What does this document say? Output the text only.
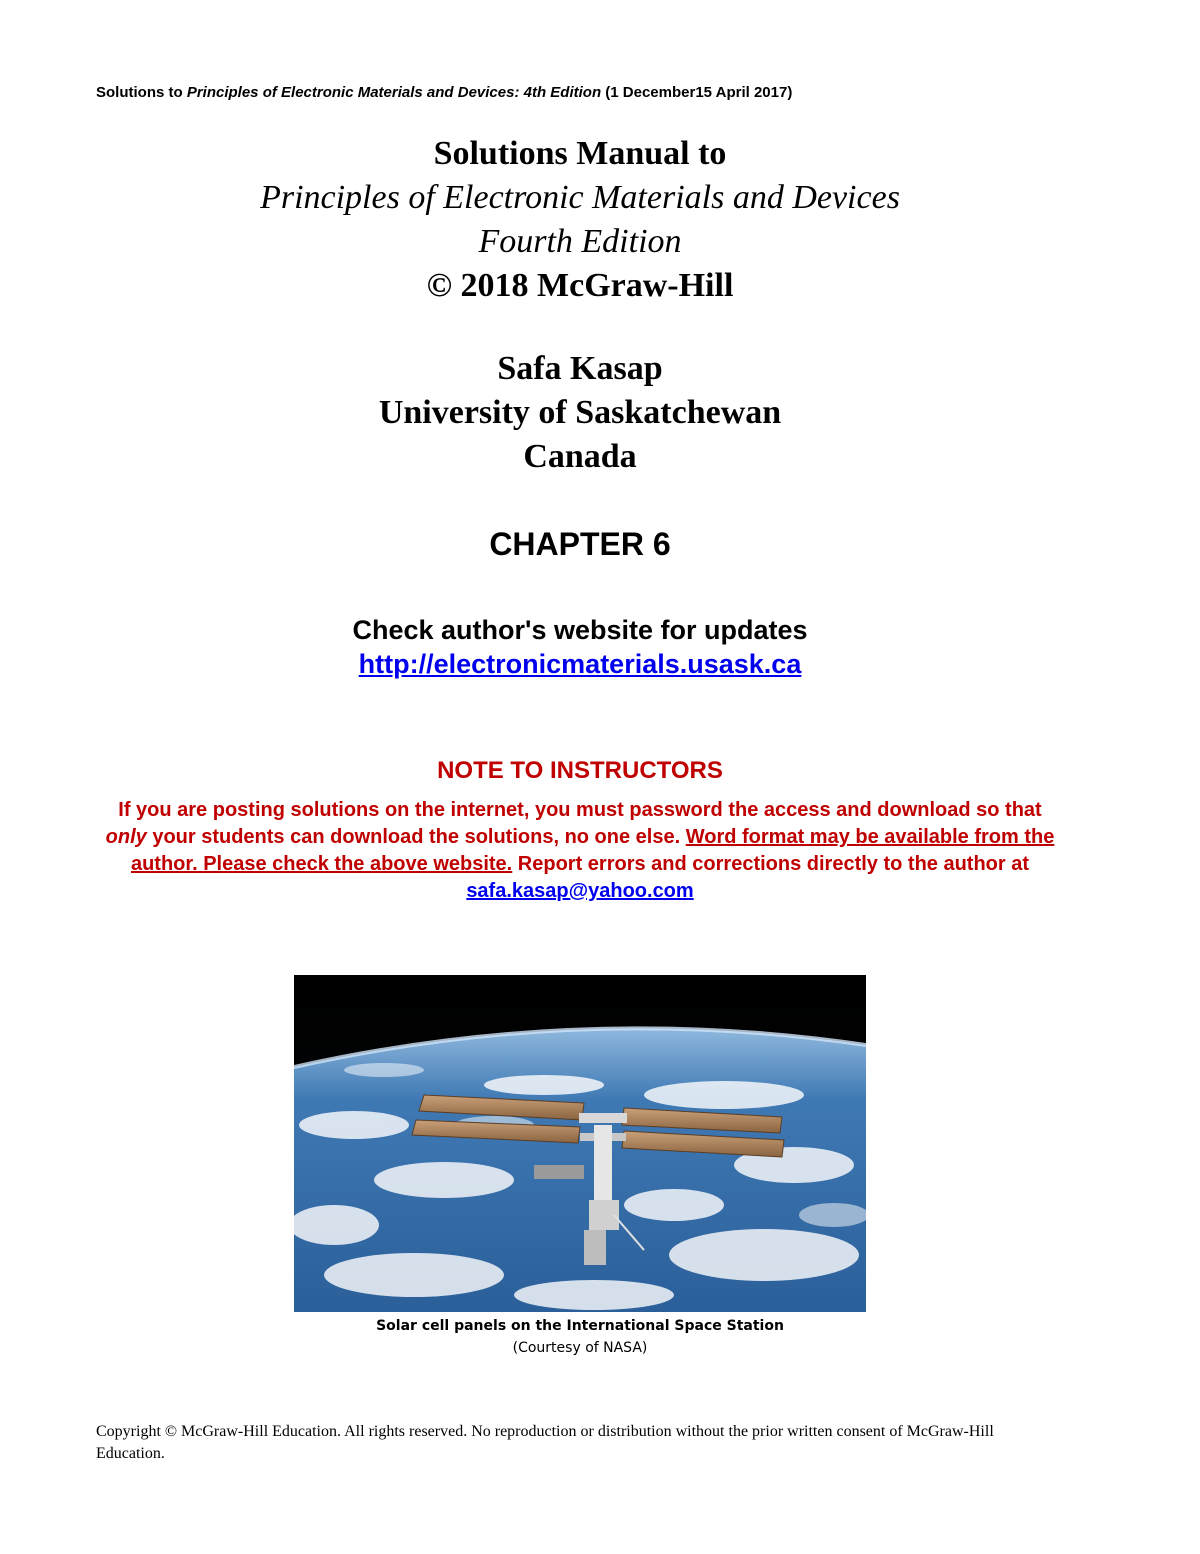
Solutions to Principles of Electronic Materials and Devices: 4th Edition (1 December15 April 2017)
Solutions Manual to
Principles of Electronic Materials and Devices
Fourth Edition
© 2018 McGraw-Hill
Safa Kasap
University of Saskatchewan
Canada
CHAPTER 6
Check author's website for updates
http://electronicmaterials.usask.ca
NOTE TO INSTRUCTORS
If you are posting solutions on the internet, you must password the access and download so that only your students can download the solutions, no one else. Word format may be available from the author. Please check the above website. Report errors and corrections directly to the author at safa.kasap@yahoo.com
Solar cell panels on the International Space Station
(Courtesy of NASA)
Copyright © McGraw-Hill Education. All rights reserved. No reproduction or distribution without the prior written consent of McGraw-Hill Education.
